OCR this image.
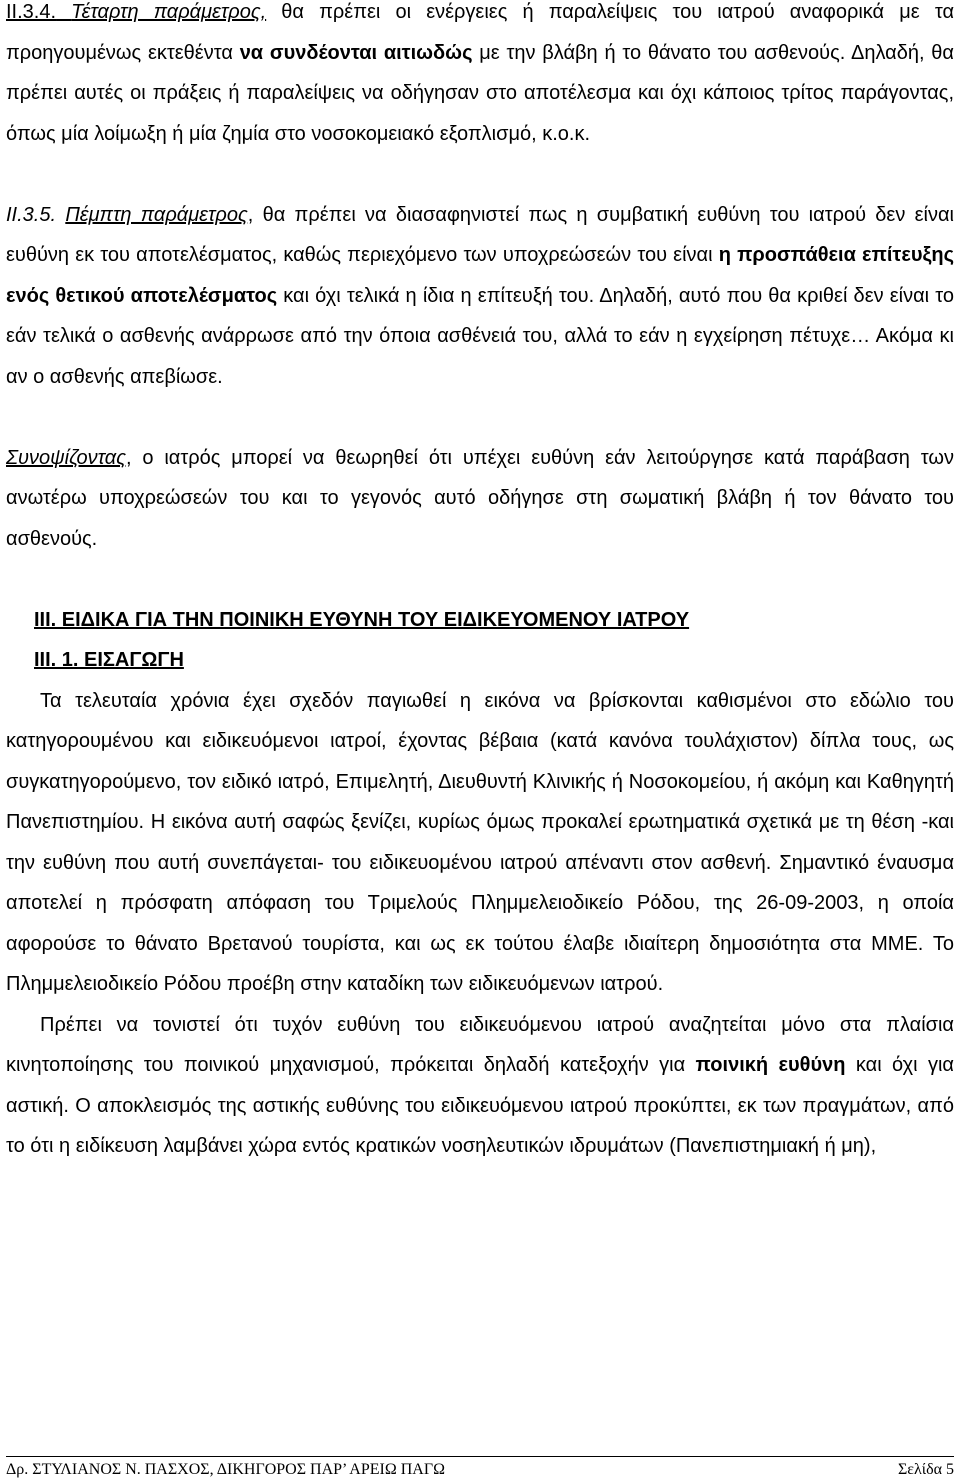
ΙΙ.3.4. Τέταρτη παράμετρος, θα πρέπει οι ενέργειες ή παραλείψεις του ιατρού αναφορικά με τα προηγουμένως εκτεθέντα να συνδέονται αιτιωδώς με την βλάβη ή το θάνατο του ασθενούς. Δηλαδή, θα πρέπει αυτές οι πράξεις ή παραλείψεις να οδήγησαν στο αποτέλεσμα και όχι κάποιος τρίτος παράγοντας, όπως μία λοίμωξη ή μία ζημία στο νοσοκομειακό εξοπλισμό, κ.ο.κ.

ΙΙ.3.5. Πέμπτη παράμετρος, θα πρέπει να διασαφηνιστεί πως η συμβατική ευθύνη του ιατρού δεν είναι ευθύνη εκ του αποτελέσματος, καθώς περιεχόμενο των υποχρεώσεών του είναι η προσπάθεια επίτευξης ενός θετικού αποτελέσματος και όχι τελικά η ίδια η επίτευξή του. Δηλαδή, αυτό που θα κριθεί δεν είναι το εάν τελικά ο ασθενής ανάρρωσε από την όποια ασθένειά του, αλλά το εάν η εγχείρηση πέτυχε… Ακόμα κι αν ο ασθενής απεβίωσε.

Συνοψίζοντας, ο ιατρός μπορεί να θεωρηθεί ότι υπέχει ευθύνη εάν λειτούργησε κατά παράβαση των ανωτέρω υποχρεώσεών του και το γεγονός αυτό οδήγησε στη σωματική βλάβη ή τον θάνατο του ασθενούς.

ΙΙΙ. ΕΙΔΙΚΑ ΓΙΑ ΤΗΝ ΠΟΙΝΙΚΗ ΕΥΘΥΝΗ ΤΟΥ ΕΙΔΙΚΕΥΟΜΕΝΟΥ ΙΑΤΡΟΥ
ΙΙΙ. 1. ΕΙΣΑΓΩΓΗ

Τα τελευταία χρόνια έχει σχεδόν παγιωθεί η εικόνα να βρίσκονται καθισμένοι στο εδώλιο του κατηγορουμένου και ειδικευόμενοι ιατροί, έχοντας βέβαια (κατά κανόνα τουλάχιστον) δίπλα τους, ως συγκατηγορούμενο, τον ειδικό ιατρό, Επιμελητή, Διευθυντή Κλινικής ή Νοσοκομείου, ή ακόμη και Καθηγητή Πανεπιστημίου. Η εικόνα αυτή σαφώς ξενίζει, κυρίως όμως προκαλεί ερωτηματικά σχετικά με τη θέση -και την ευθύνη που αυτή συνεπάγεται- του ειδικευομένου ιατρού απέναντι στον ασθενή. Σημαντικό έναυσμα αποτελεί η πρόσφατη απόφαση του Τριμελούς Πλημμελειοδικείο Ρόδου, της 26-09-2003, η οποία αφορούσε το θάνατο Βρετανού τουρίστα, και ως εκ τούτου έλαβε ιδιαίτερη δημοσιότητα στα ΜΜΕ. Το Πλημμελειοδικείο Ρόδου προέβη στην καταδίκη των ειδικευόμενων ιατρού.

Πρέπει να τονιστεί ότι τυχόν ευθύνη του ειδικευόμενου ιατρού αναζητείται μόνο στα πλαίσια κινητοποίησης του ποινικού μηχανισμού, πρόκειται δηλαδή κατεξοχήν για ποινική ευθύνη και όχι για αστική. Ο αποκλεισμός της αστικής ευθύνης του ειδικευόμενου ιατρού προκύπτει, εκ των πραγμάτων, από το ότι η ειδίκευση λαμβάνει χώρα εντός κρατικών νοσηλευτικών ιδρυμάτων (Πανεπιστημιακή ή μη),

Δρ. ΣΤΥΛΙΑΝΟΣ Ν. ΠΑΣΧΟΣ, ΔΙΚΗΓΟΡΟΣ ΠΑΡ’ ΑΡΕΙΩ ΠΑΓΩ	Σελίδα 5
